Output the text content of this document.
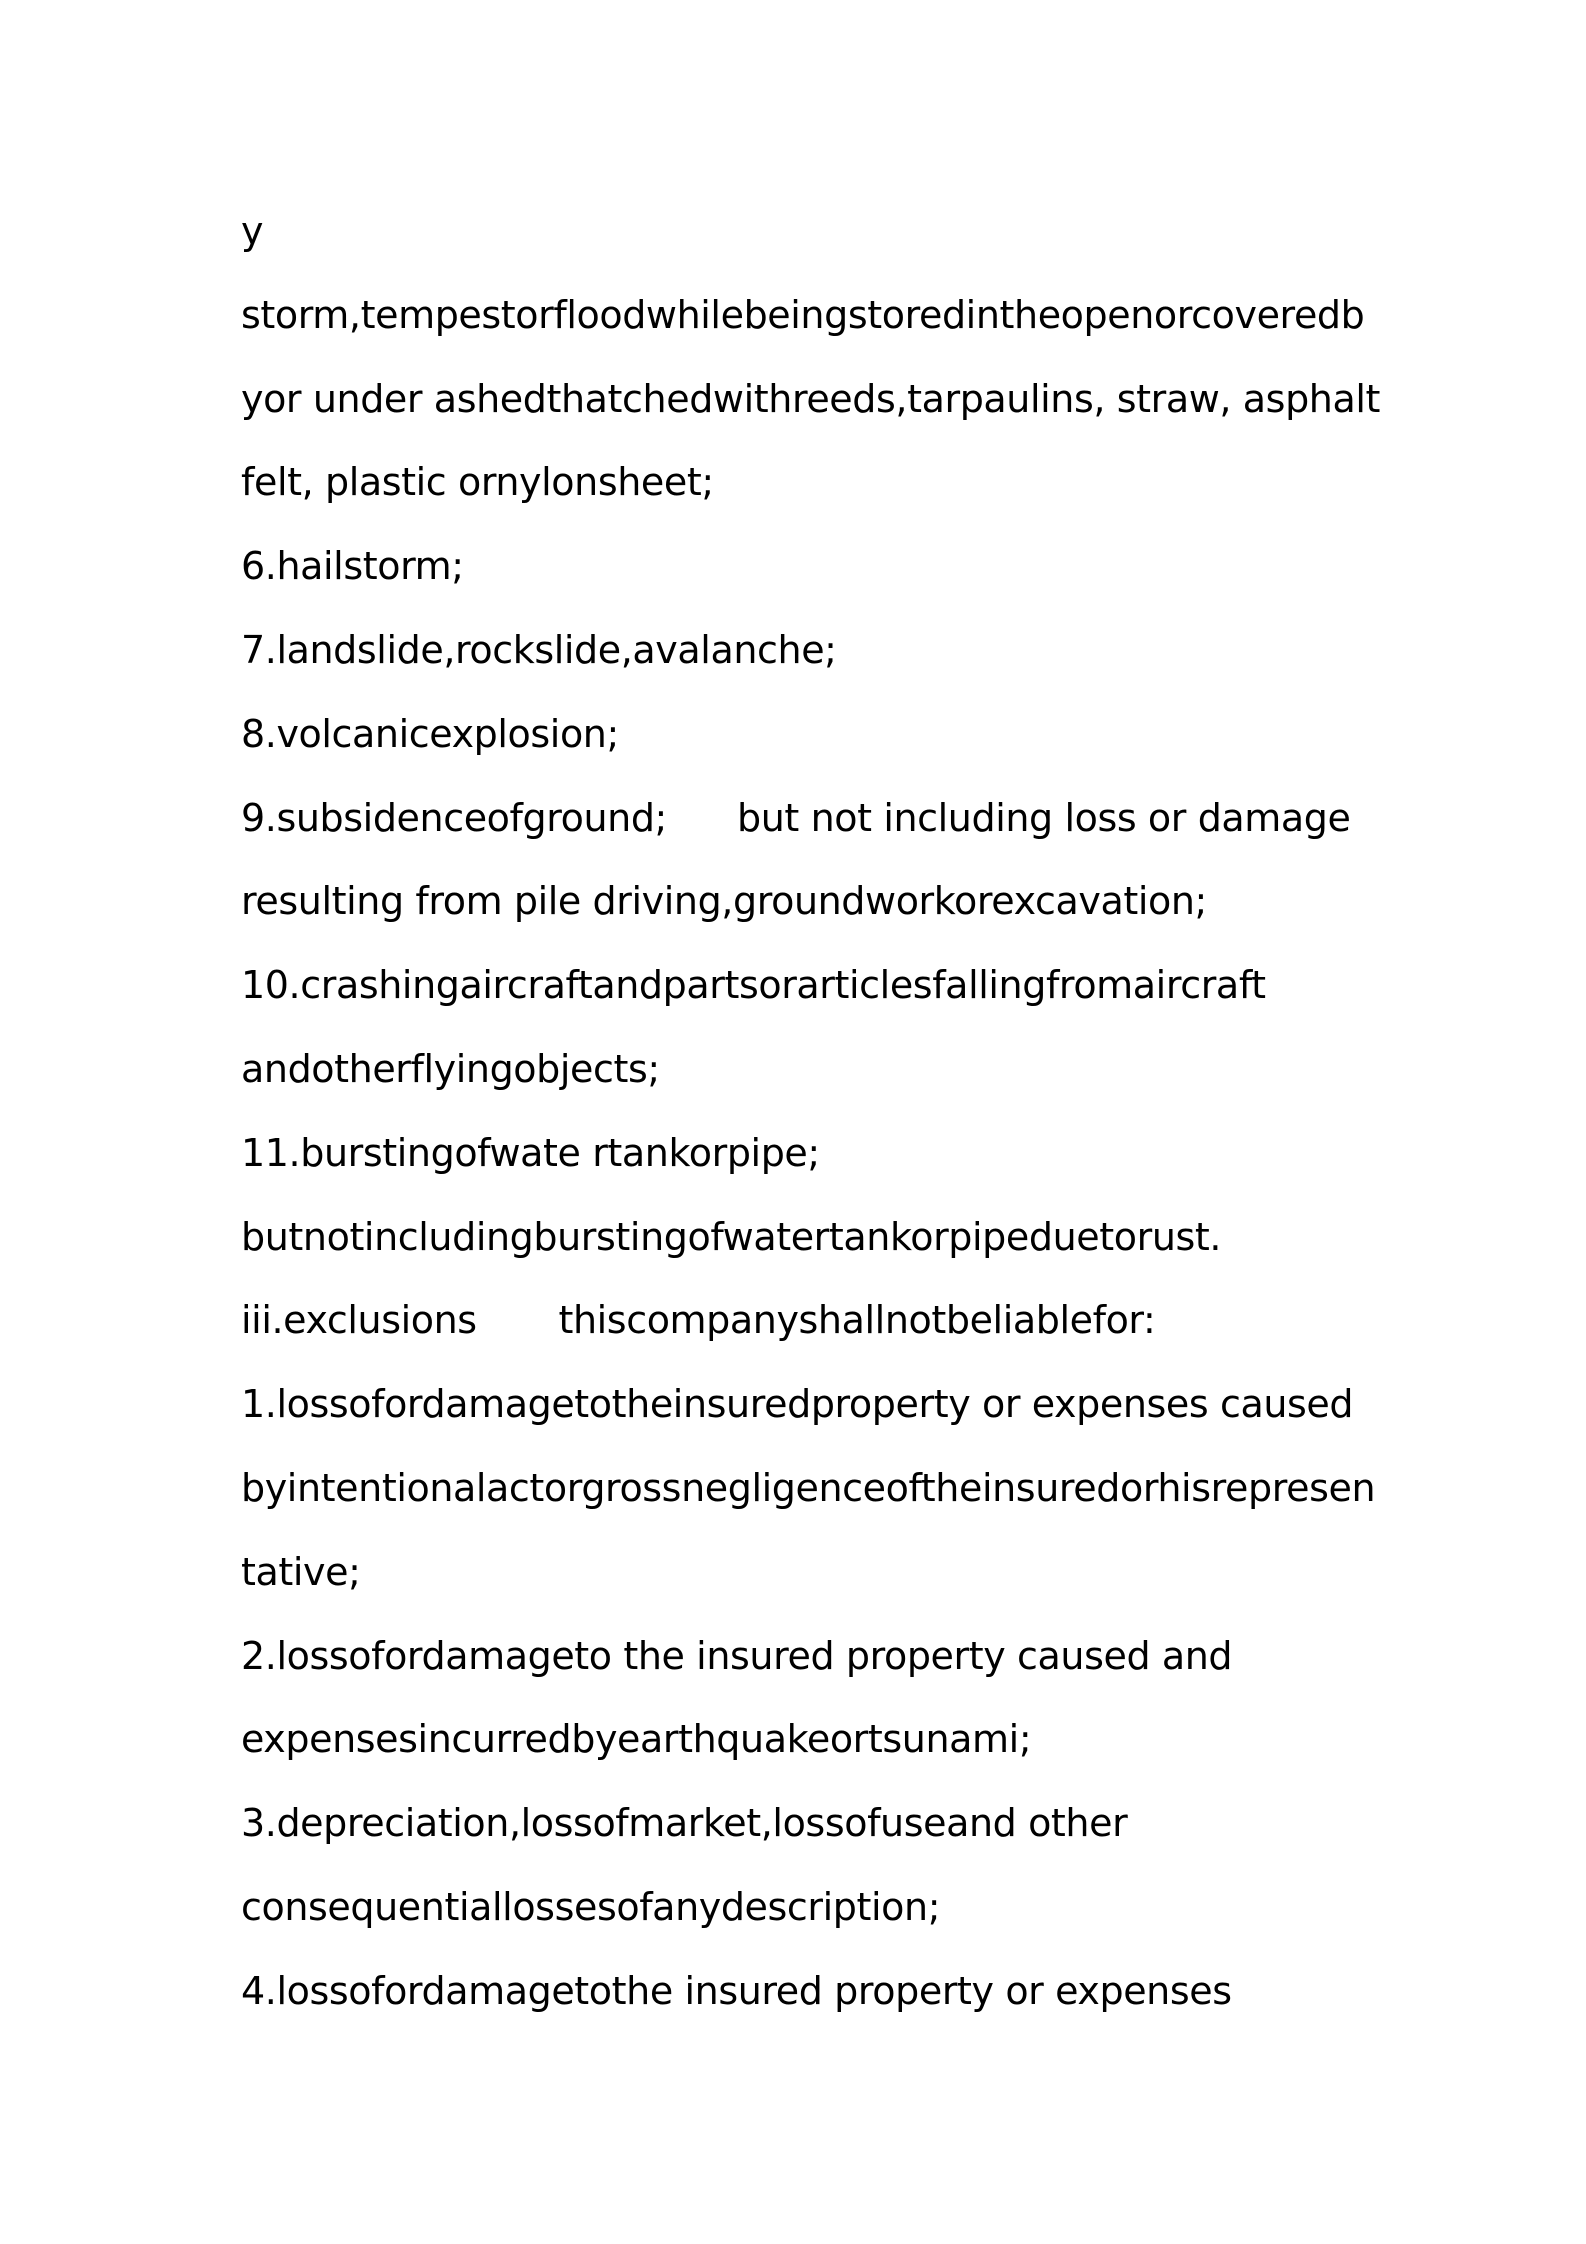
y
storm,tempestorfloodwhilebeingstoredintheopenorcoveredb
yor under ashedthatchedwithreeds,tarpaulins, straw, asphalt
felt, plastic ornylonsheet;
6.hailstorm;
7.landslide,rockslide,avalanche;
8.volcanicexplosion;
9.subsidenceofground;      but not including loss or damage
resulting from pile driving,groundworkorexcavation;
10.crashingaircraftandpartsorarticlesfallingfromaircraft
andotherflyingobjects;
11.burstingofwate rtankorpipe;
butnotincludingburstingofwatertankorpipeduetorust.
iii.exclusions       thiscompanyshallnotbeliablefor:
1.lossofordamagetotheinsuredproperty or expenses caused
byintentionalactorgrossnegligenceoftheinsuredorhisrepresen
tative;
2.lossofordamageto the insured property caused and
expensesincurredbyearthquakeortsunami;
3.depreciation,lossofmarket,lossofuseand other
consequentiallossesofanydescription;
4.lossofordamagetothe insured property or expenses
